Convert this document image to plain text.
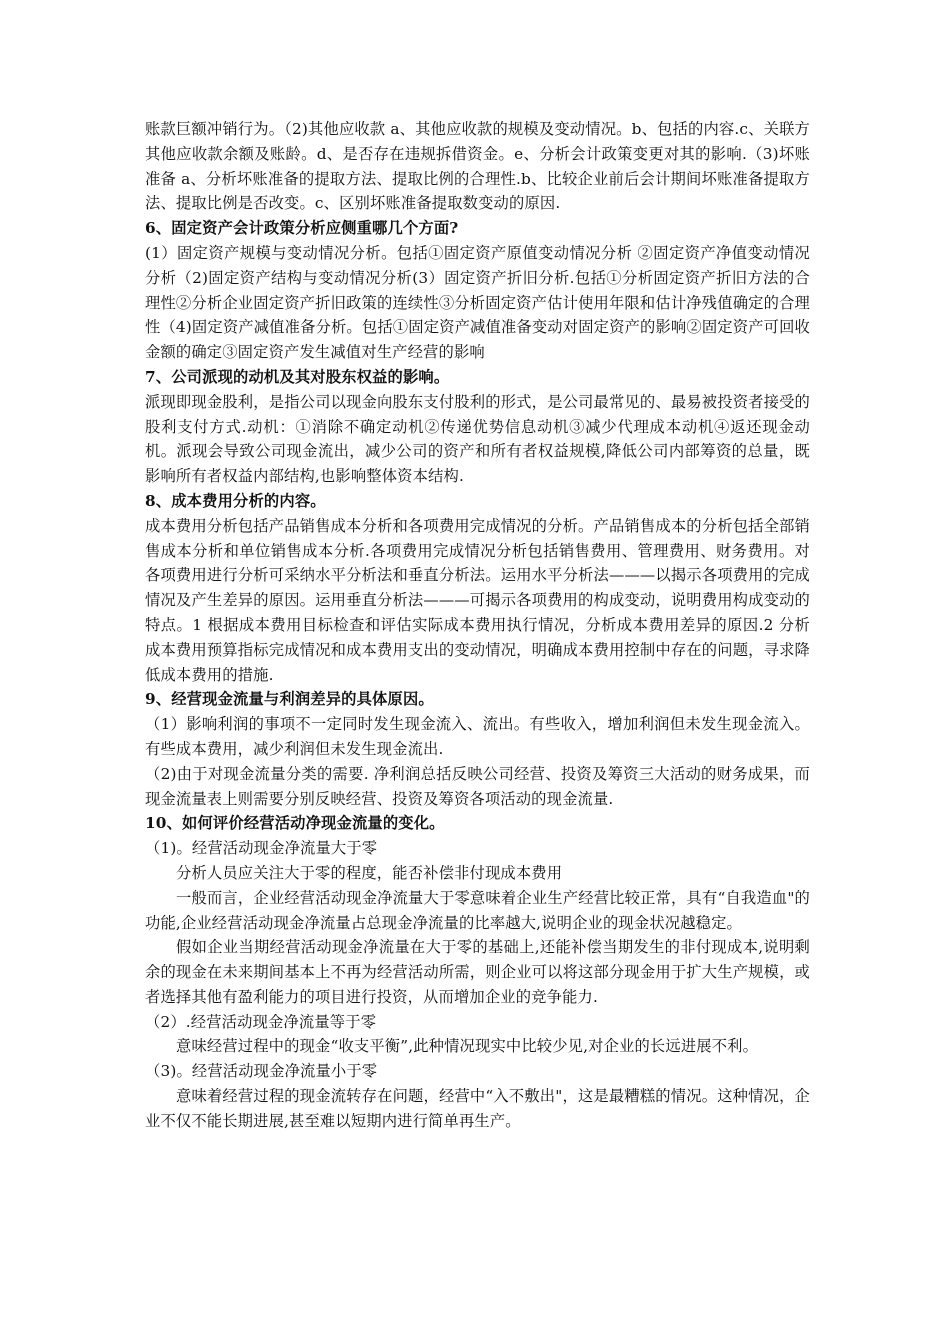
账款巨额冲销行为。（2)其他应收款 a、其他应收款的规模及变动情况。b、包括的内容.c、关联方其他应收款余额及账龄。d、是否存在违规拆借资金。e、分析会计政策变更对其的影响.（3)坏账准备 a、分析坏账准备的提取方法、提取比例的合理性.b、比较企业前后会计期间坏账准备提取方法、提取比例是否改变。c、区别坏账准备提取数变动的原因.

6、固定资产会计政策分析应侧重哪几个方面?

(1）固定资产规模与变动情况分析。包括①固定资产原值变动情况分析 ②固定资产净值变动情况分析（2)固定资产结构与变动情况分析(3）固定资产折旧分析.包括①分析固定资产折旧方法的合理性②分析企业固定资产折旧政策的连续性③分析固定资产估计使用年限和估计净残值确定的合理性（4)固定资产减值准备分析。包括①固定资产减值准备变动对固定资产的影响②固定资产可回收金额的确定③固定资产发生减值对生产经营的影响

7、公司派现的动机及其对股东权益的影响。

派现即现金股利，是指公司以现金向股东支付股利的形式，是公司最常见的、最易被投资者接受的股利支付方式.动机：①消除不确定动机②传递优势信息动机③减少代理成本动机④返还现金动机。派现会导致公司现金流出，减少公司的资产和所有者权益规模,降低公司内部筹资的总量，既影响所有者权益内部结构,也影响整体资本结构.

8、成本费用分析的内容。

成本费用分析包括产品销售成本分析和各项费用完成情况的分析。产品销售成本的分析包括全部销售成本分析和单位销售成本分析.各项费用完成情况分析包括销售费用、管理费用、财务费用。对各项费用进行分析可采纳水平分析法和垂直分析法。运用水平分析法———以揭示各项费用的完成情况及产生差异的原因。运用垂直分析法———可揭示各项费用的构成变动，说明费用构成变动的特点。1 根据成本费用目标检查和评估实际成本费用执行情况，分析成本费用差异的原因.2 分析成本费用预算指标完成情况和成本费用支出的变动情况，明确成本费用控制中存在的问题，寻求降低成本费用的措施.

9、经营现金流量与利润差异的具体原因。

（1）影响利润的事项不一定同时发生现金流入、流出。有些收入，增加利润但未发生现金流入。有些成本费用，减少利润但未发生现金流出.

（2)由于对现金流量分类的需要. 净利润总括反映公司经营、投资及筹资三大活动的财务成果，而现金流量表上则需要分别反映经营、投资及筹资各项活动的现金流量.

10、如何评价经营活动净现金流量的变化。

（1)。经营活动现金净流量大于零

分析人员应关注大于零的程度，能否补偿非付现成本费用

一般而言，企业经营活动现金净流量大于零意味着企业生产经营比较正常，具有“自我造血"的功能,企业经营活动现金净流量占总现金净流量的比率越大,说明企业的现金状况越稳定。

假如企业当期经营活动现金净流量在大于零的基础上,还能补偿当期发生的非付现成本,说明剩余的现金在未来期间基本上不再为经营活动所需，则企业可以将这部分现金用于扩大生产规模，或者选择其他有盈利能力的项目进行投资，从而增加企业的竞争能力.

（2）.经营活动现金净流量等于零

意味经营过程中的现金“收支平衡”,此种情况现实中比较少见,对企业的长远进展不利。

（3)。经营活动现金净流量小于零

意味着经营过程的现金流转存在问题，经营中“入不敷出"，这是最糟糕的情况。这种情况，企业不仅不能长期进展,甚至难以短期内进行简单再生产。
